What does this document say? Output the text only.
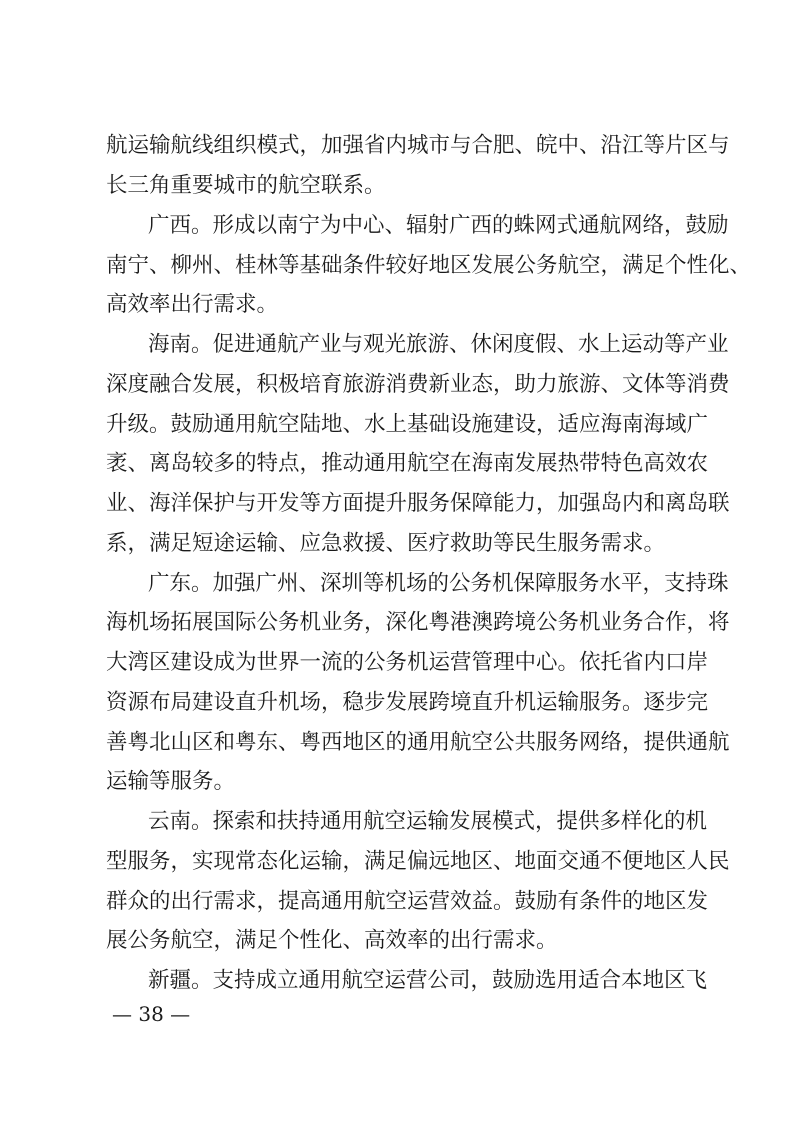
航运输航线组织模式，加强省内城市与合肥、皖中、沿江等片区与
长三角重要城市的航空联系。
广西。形成以南宁为中心、辐射广西的蛛网式通航网络，鼓励
南宁、柳州、桂林等基础条件较好地区发展公务航空，满足个性化、
高效率出行需求。
海南。促进通航产业与观光旅游、休闲度假、水上运动等产业
深度融合发展，积极培育旅游消费新业态，助力旅游、文体等消费
升级。鼓励通用航空陆地、水上基础设施建设，适应海南海域广
袤、离岛较多的特点，推动通用航空在海南发展热带特色高效农
业、海洋保护与开发等方面提升服务保障能力，加强岛内和离岛联
系，满足短途运输、应急救援、医疗救助等民生服务需求。
广东。加强广州、深圳等机场的公务机保障服务水平，支持珠
海机场拓展国际公务机业务，深化粤港澳跨境公务机业务合作，将
大湾区建设成为世界一流的公务机运营管理中心。依托省内口岸
资源布局建设直升机场，稳步发展跨境直升机运输服务。逐步完
善粤北山区和粤东、粤西地区的通用航空公共服务网络，提供通航
运输等服务。
云南。探索和扶持通用航空运输发展模式，提供多样化的机
型服务，实现常态化运输，满足偏远地区、地面交通不便地区人民
群众的出行需求，提高通用航空运营效益。鼓励有条件的地区发
展公务航空，满足个性化、高效率的出行需求。
新疆。支持成立通用航空运营公司，鼓励选用适合本地区飞
— 38 —
